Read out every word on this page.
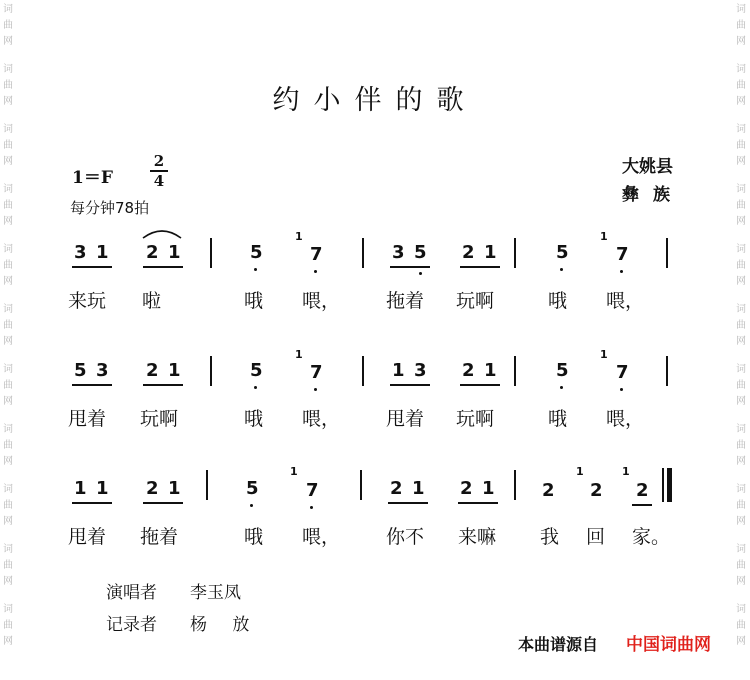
约小伴的歌
1＝F
2
4
每分钟78拍
大姚县
彝族
3 1 2 1	5
1
7	3 5 2 1	5
1
7
来玩 啦	哦 喂， 拖着 玩啊	哦 喂，
5 3 2 1	5
1
7	1 3 2 1	5
1
7
甩着 玩啊	哦 喂， 甩着 玩啊	哦 喂，
1 1 2 1	5
1
7	2 1 2 1	2
1
2
1
2
甩着 拖着	哦 喂， 你不 来嘛 我 回 家。
演唱者 李玉凤
记录者 杨 放
本曲谱源自 中国词曲网
词曲网
词曲网
词曲网
词曲网
词曲网
词曲网
词曲网
词曲网
词曲网
词曲网
词曲网
词曲网
词曲网
词曲网
词曲网
词曲网
词曲网
词曲网
词曲网
词曲网
词曲网
词曲网
